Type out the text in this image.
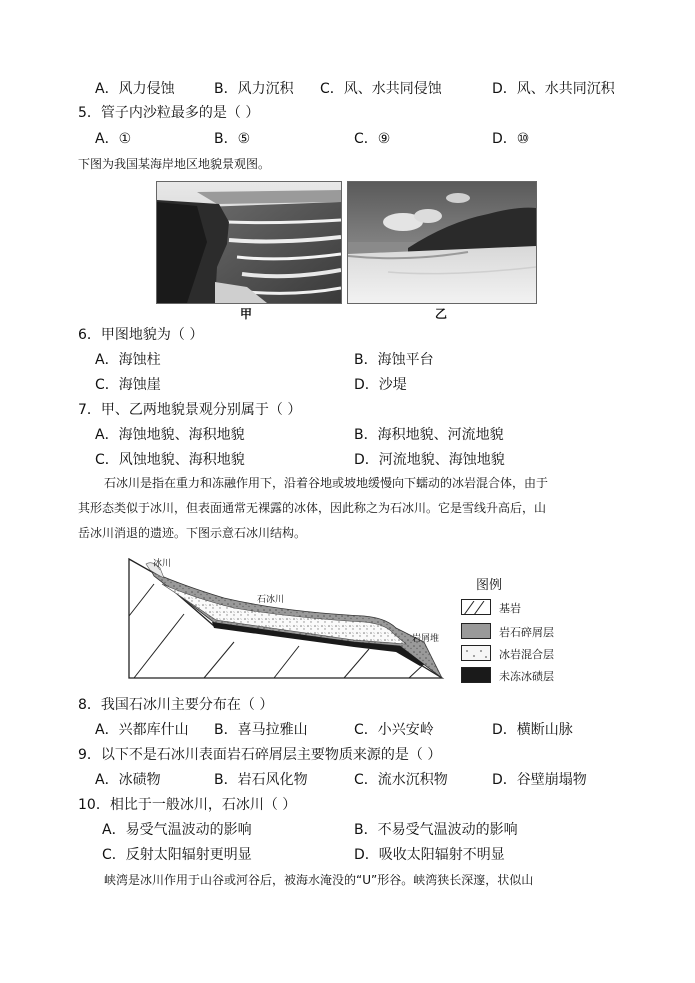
A．风力侵蚀	B．风力沉积 C．风、水共同侵蚀	D．风、水共同沉积
5．管子内沙粒最多的是（ ）
A．①	B．⑤	C．⑨	D．⑩
下图为我国某海岸地区地貌景观图。
甲	乙
6．甲图地貌为（ ）
A．海蚀柱	B．海蚀平台
C．海蚀崖	D．沙堤
7．甲、乙两地貌景观分别属于（ ）
A．海蚀地貌、海积地貌	B．海积地貌、河流地貌
C．风蚀地貌、海积地貌	D．河流地貌、海蚀地貌
石冰川是指在重力和冻融作用下，沿着谷地或坡地缓慢向下蠕动的冰岩混合体，由于
其形态类似于冰川，但表面通常无裸露的冰体，因此称之为石冰川。它是雪线升高后，山
岳冰川消退的遗迹。下图示意石冰川结构。
冰川
石冰川
岩屑堆
图例
基岩
岩石碎屑层
冰岩混合层
未冻冰碛层
8．我国石冰川主要分布在（ ）
A．兴都库什山 B．喜马拉雅山	C．小兴安岭	D．横断山脉
9．以下不是石冰川表面岩石碎屑层主要物质来源的是（ ）
A．冰碛物	B．岩石风化物	C．流水沉积物	D．谷壁崩塌物
10．相比于一般冰川，石冰川（ ）
A．易受气温波动的影响	B．不易受气温波动的影响
C．反射太阳辐射更明显	D．吸收太阳辐射不明显
峡湾是冰川作用于山谷或河谷后，被海水淹没的“U”形谷。峡湾狭长深邃，状似山
